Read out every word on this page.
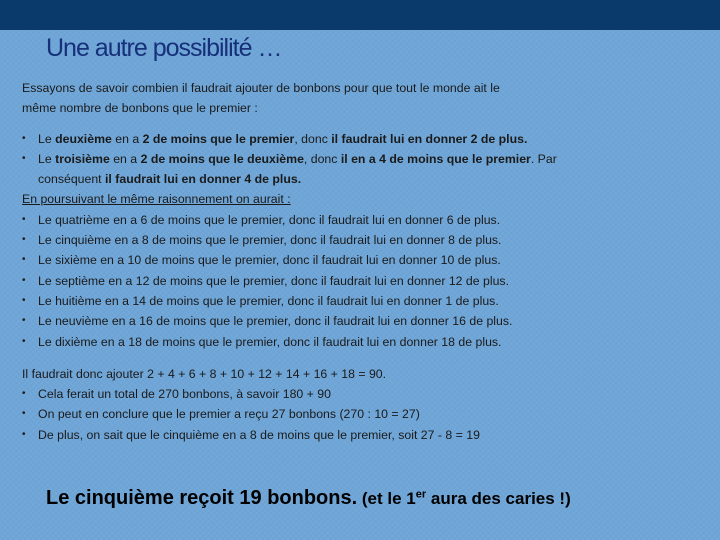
Une autre possibilité …

Essayons de savoir combien il faudrait ajouter de bonbons pour que tout le monde ait le

même nombre de bonbons que le premier :

• Le deuxième en a 2 de moins que le premier, donc il faudrait lui en donner 2 de plus.
• Le troisième en a 2 de moins que le deuxième, donc il en a 4 de moins que le premier. Par
conséquent il faudrait lui en donner 4 de plus.

En poursuivant le même raisonnement on aurait :

• Le quatrième en a 6 de moins que le premier, donc il faudrait lui en donner 6 de plus.
• Le cinquième en a 8 de moins que le premier, donc il faudrait lui en donner 8 de plus.
• Le sixième en a 10 de moins que le premier, donc il faudrait lui en donner 10 de plus.
• Le septième en a 12 de moins que le premier, donc il faudrait lui en donner 12 de plus.
• Le huitième en a 14 de moins que le premier, donc il faudrait lui en donner 1 de plus.
• Le neuvième en a 16 de moins que le premier, donc il faudrait lui en donner 16 de plus.
• Le dixième en a 18 de moins que le premier, donc il faudrait lui en donner 18 de plus.

Il faudrait donc ajouter 2 + 4 + 6 + 8 + 10 + 12 + 14 + 16 + 18 = 90.

• Cela ferait un total de 270 bonbons, à savoir 180 + 90
• On peut en conclure que le premier a reçu 27 bonbons (270 : 10 = 27)
• De plus, on sait que le cinquième en a 8 de moins que le premier, soit 27 - 8 = 19
Le cinquième reçoit 19 bonbons. (et le 1er aura des caries !)
